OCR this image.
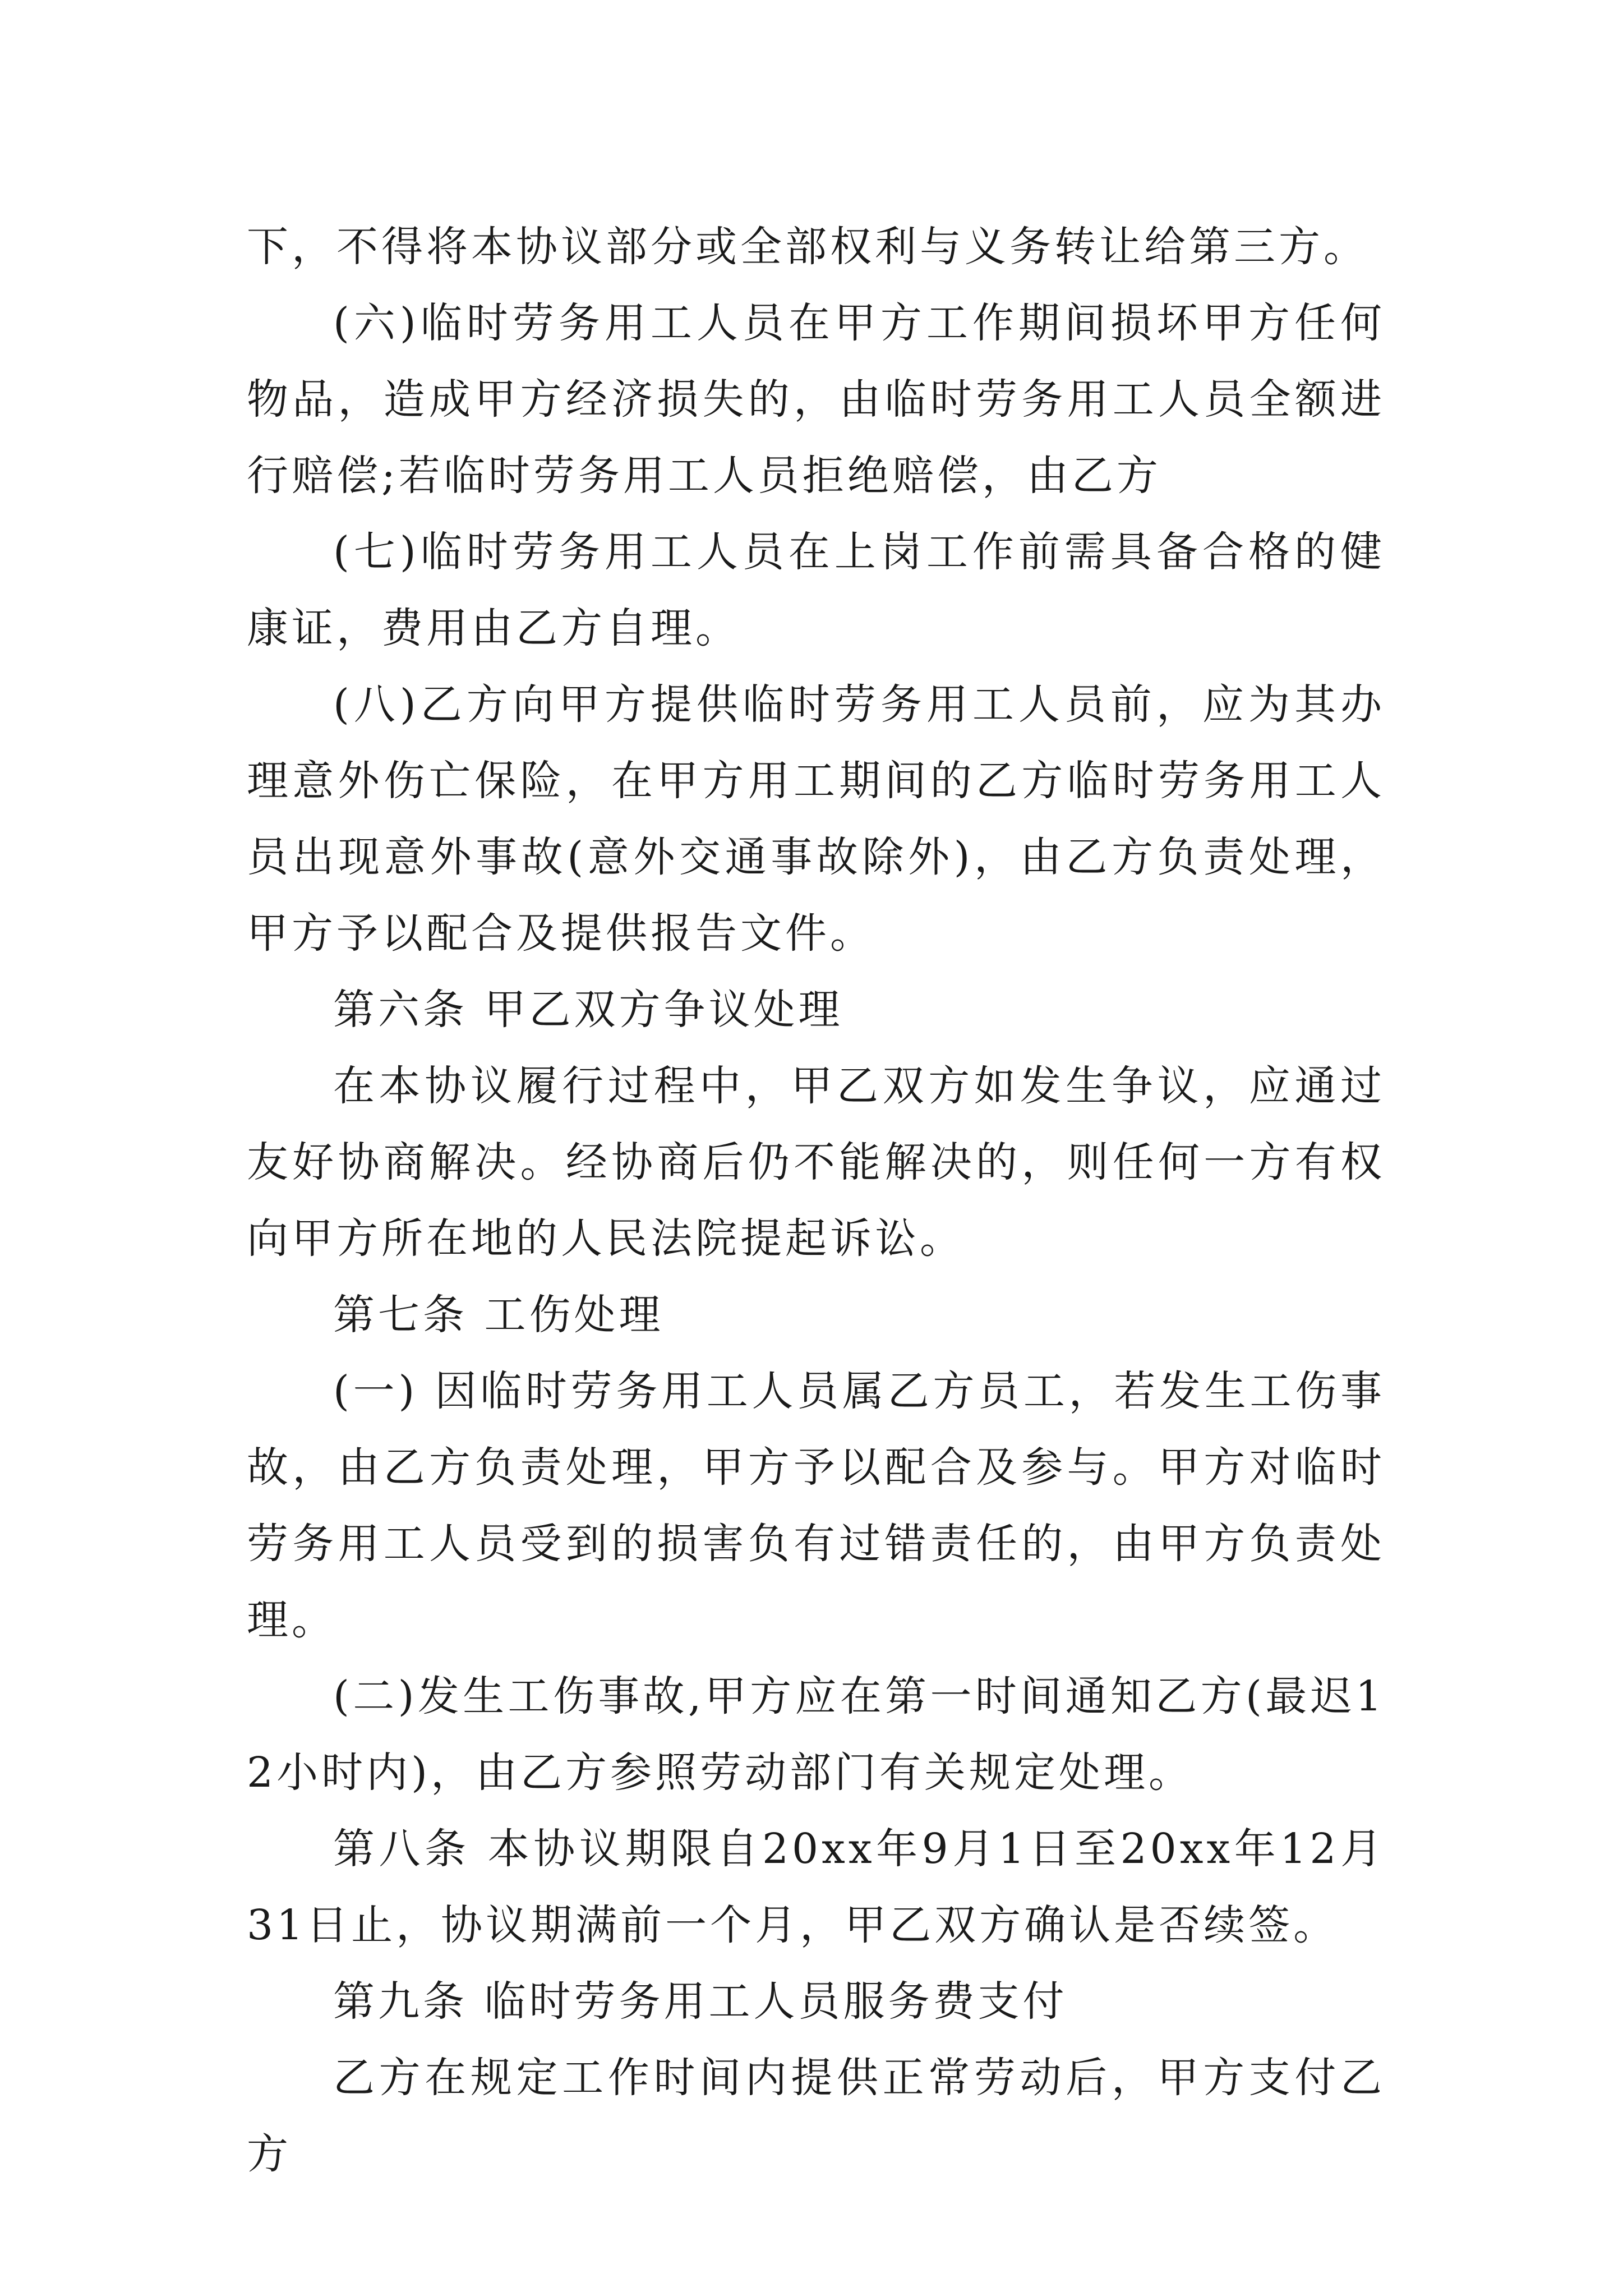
下，不得将本协议部分或全部权利与义务转让给第三方。

(六)临时劳务用工人员在甲方工作期间损坏甲方任何物品，造成甲方经济损失的，由临时劳务用工人员全额进行赔偿;若临时劳务用工人员拒绝赔偿，由乙方

(七)临时劳务用工人员在上岗工作前需具备合格的健康证，费用由乙方自理。

(八)乙方向甲方提供临时劳务用工人员前，应为其办理意外伤亡保险，在甲方用工期间的乙方临时劳务用工人员出现意外事故(意外交通事故除外)，由乙方负责处理，甲方予以配合及提供报告文件。

第六条 甲乙双方争议处理

在本协议履行过程中，甲乙双方如发生争议，应通过友好协商解决。经协商后仍不能解决的，则任何一方有权向甲方所在地的人民法院提起诉讼。

第七条 工伤处理

(一) 因临时劳务用工人员属乙方员工，若发生工伤事故，由乙方负责处理，甲方予以配合及参与。甲方对临时劳务用工人员受到的损害负有过错责任的，由甲方负责处理。

(二)发生工伤事故,甲方应在第一时间通知乙方(最迟12小时内)，由乙方参照劳动部门有关规定处理。

第八条 本协议期限自20xx年9月1日至20xx年12月31日止，协议期满前一个月，甲乙双方确认是否续签。

第九条 临时劳务用工人员服务费支付

乙方在规定工作时间内提供正常劳动后，甲方支付乙方
